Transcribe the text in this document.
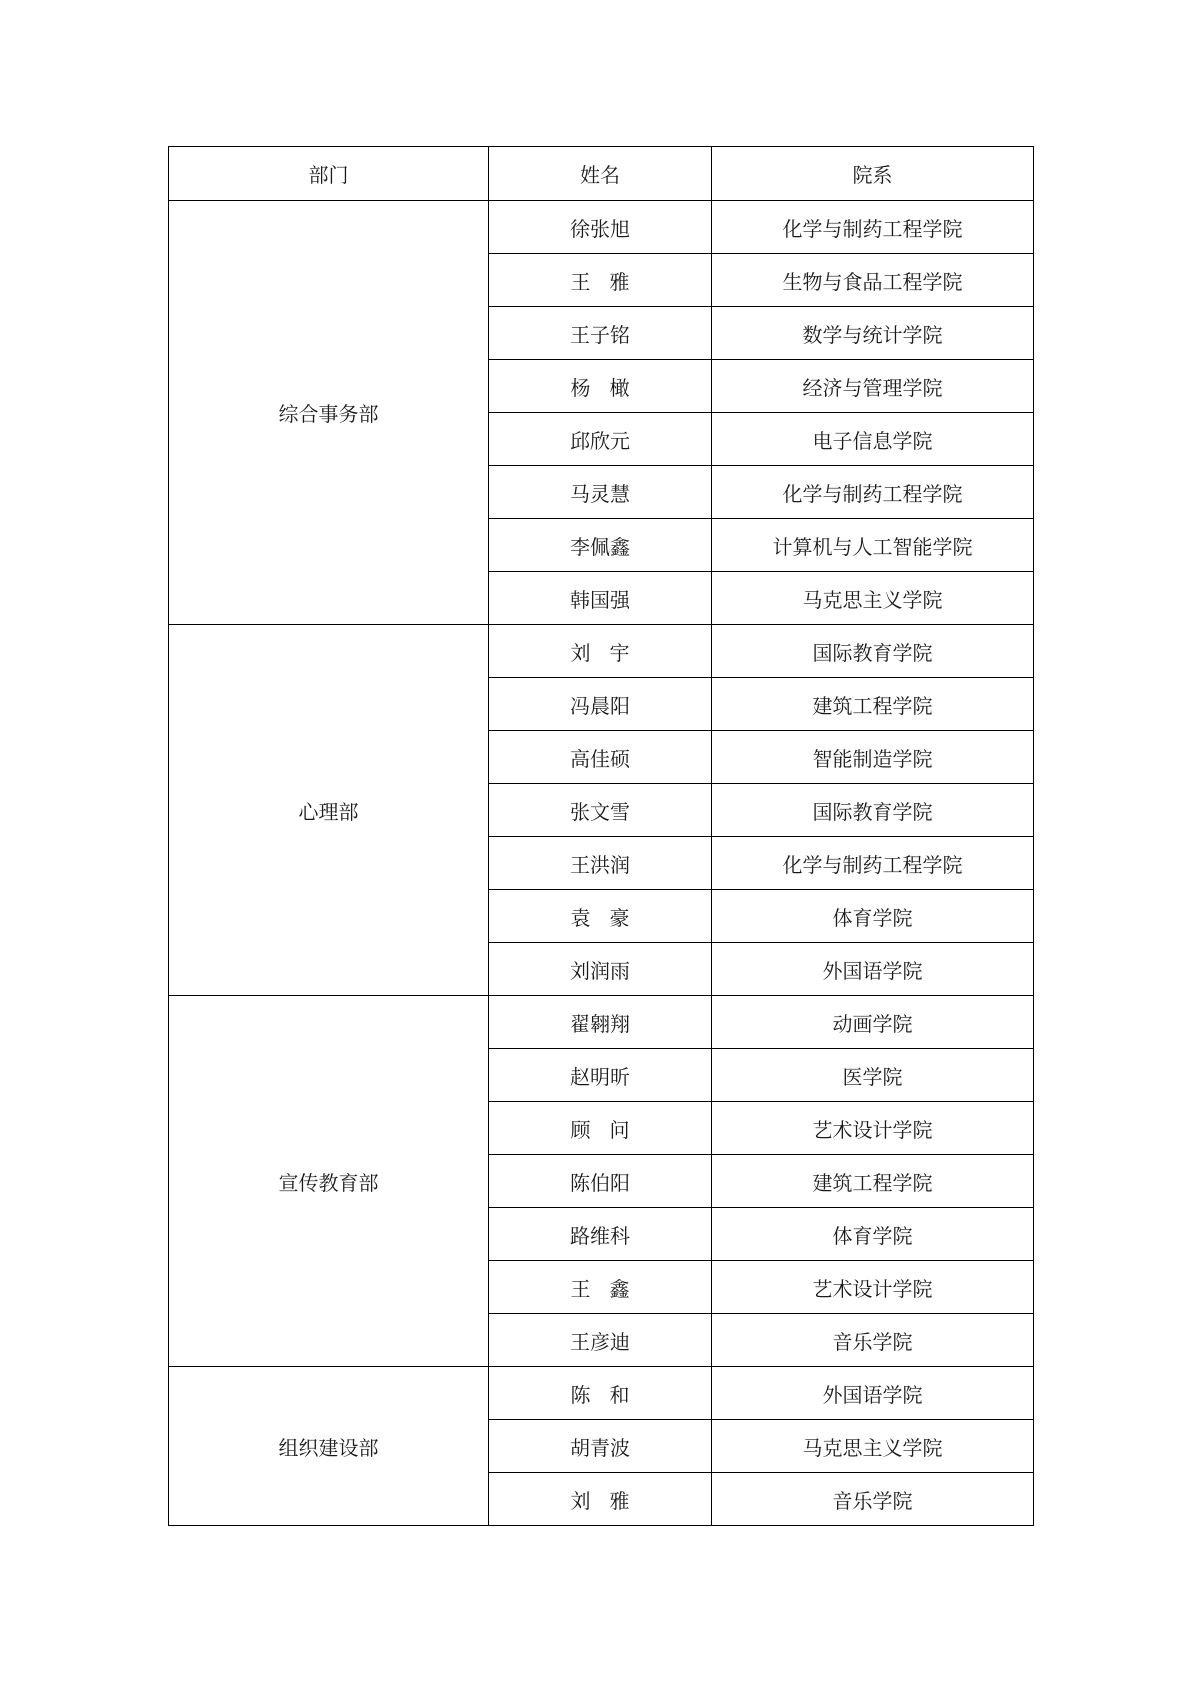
部门	姓名	院系
综合事务部	徐张旭	化学与制药工程学院
	王   雅	生物与食品工程学院
	王子铭	数学与统计学院
	杨   橄	经济与管理学院
	邱欣元	电子信息学院
	马灵慧	化学与制药工程学院
	李佩鑫	计算机与人工智能学院
	韩国强	马克思主义学院
心理部	刘   宇	国际教育学院
	冯晨阳	建筑工程学院
	高佳硕	智能制造学院
	张文雪	国际教育学院
	王洪润	化学与制药工程学院
	袁   豪	体育学院
	刘润雨	外国语学院
宣传教育部	翟翱翔	动画学院
	赵明昕	医学院
	顾   问	艺术设计学院
	陈伯阳	建筑工程学院
	路维科	体育学院
	王   鑫	艺术设计学院
	王彦迪	音乐学院
组织建设部	陈   和	外国语学院
	胡青波	马克思主义学院
	刘   雅	音乐学院
